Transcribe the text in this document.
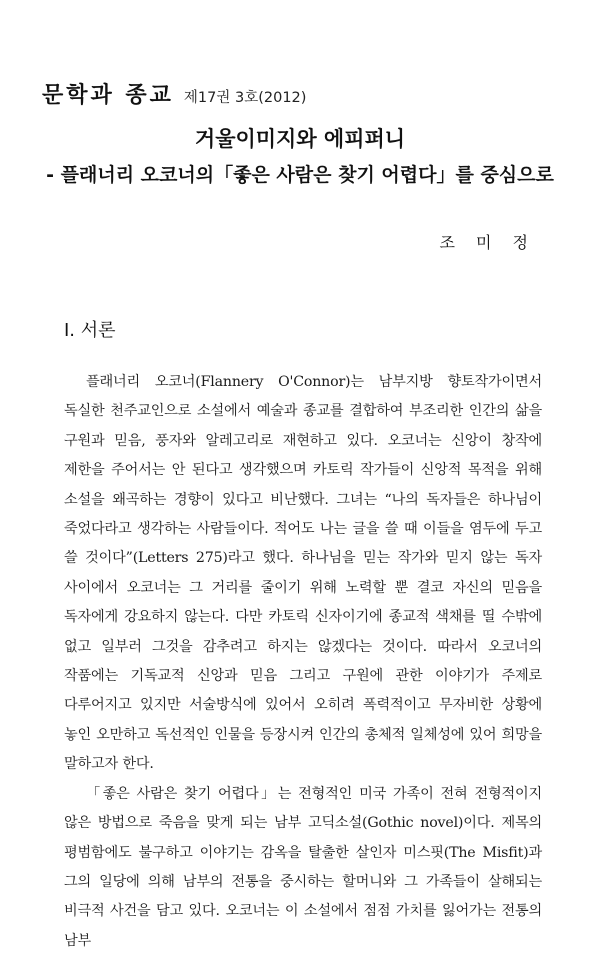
문학과 종교 제17권 3호(2012)
거울이미지와 에피퍼니
- 플래너리 오코너의「좋은 사람은 찾기 어렵다」를 중심으로
조 미 정
I. 서론

플래너리 오코너(Flannery O'Connor)는 남부지방 향토작가이면서 독실한 천주교인으로 소설에서 예술과 종교를 결합하여 부조리한 인간의 삶을 구원과 믿음, 풍자와 알레고리로 재현하고 있다. 오코너는 신앙이 창작에 제한을 주어서는 안 된다고 생각했으며 카토릭 작가들이 신앙적 목적을 위해 소설을 왜곡하는 경향이 있다고 비난했다. 그녀는 “나의 독자들은 하나님이 죽었다라고 생각하는 사람들이다. 적어도 나는 글을 쓸 때 이들을 염두에 두고 쓸 것이다”(Letters 275)라고 했다. 하나님을 믿는 작가와 믿지 않는 독자 사이에서 오코너는 그 거리를 줄이기 위해 노력할 뿐 결코 자신의 믿음을 독자에게 강요하지 않는다. 다만 카토릭 신자이기에 종교적 색채를 띨 수밖에 없고 일부러 그것을 감추려고 하지는 않겠다는 것이다. 따라서 오코너의 작품에는 기독교적 신앙과 믿음 그리고 구원에 관한 이야기가 주제로 다루어지고 있지만 서술방식에 있어서 오히려 폭력적이고 무자비한 상황에 놓인 오만하고 독선적인 인물을 등장시켜 인간의 총체적 일체성에 있어 희망을 말하고자 한다.

「좋은 사람은 찾기 어렵다」는 전형적인 미국 가족이 전혀 전형적이지 않은 방법으로 죽음을 맞게 되는 남부 고딕소설(Gothic novel)이다. 제목의 평범함에도 불구하고 이야기는 감옥을 탈출한 살인자 미스핏(The Misfit)과 그의 일당에 의해 남부의 전통을 중시하는 할머니와 그 가족들이 살해되는 비극적 사건을 담고 있다. 오코너는 이 소설에서 점점 가치를 잃어가는 전통의 남부
